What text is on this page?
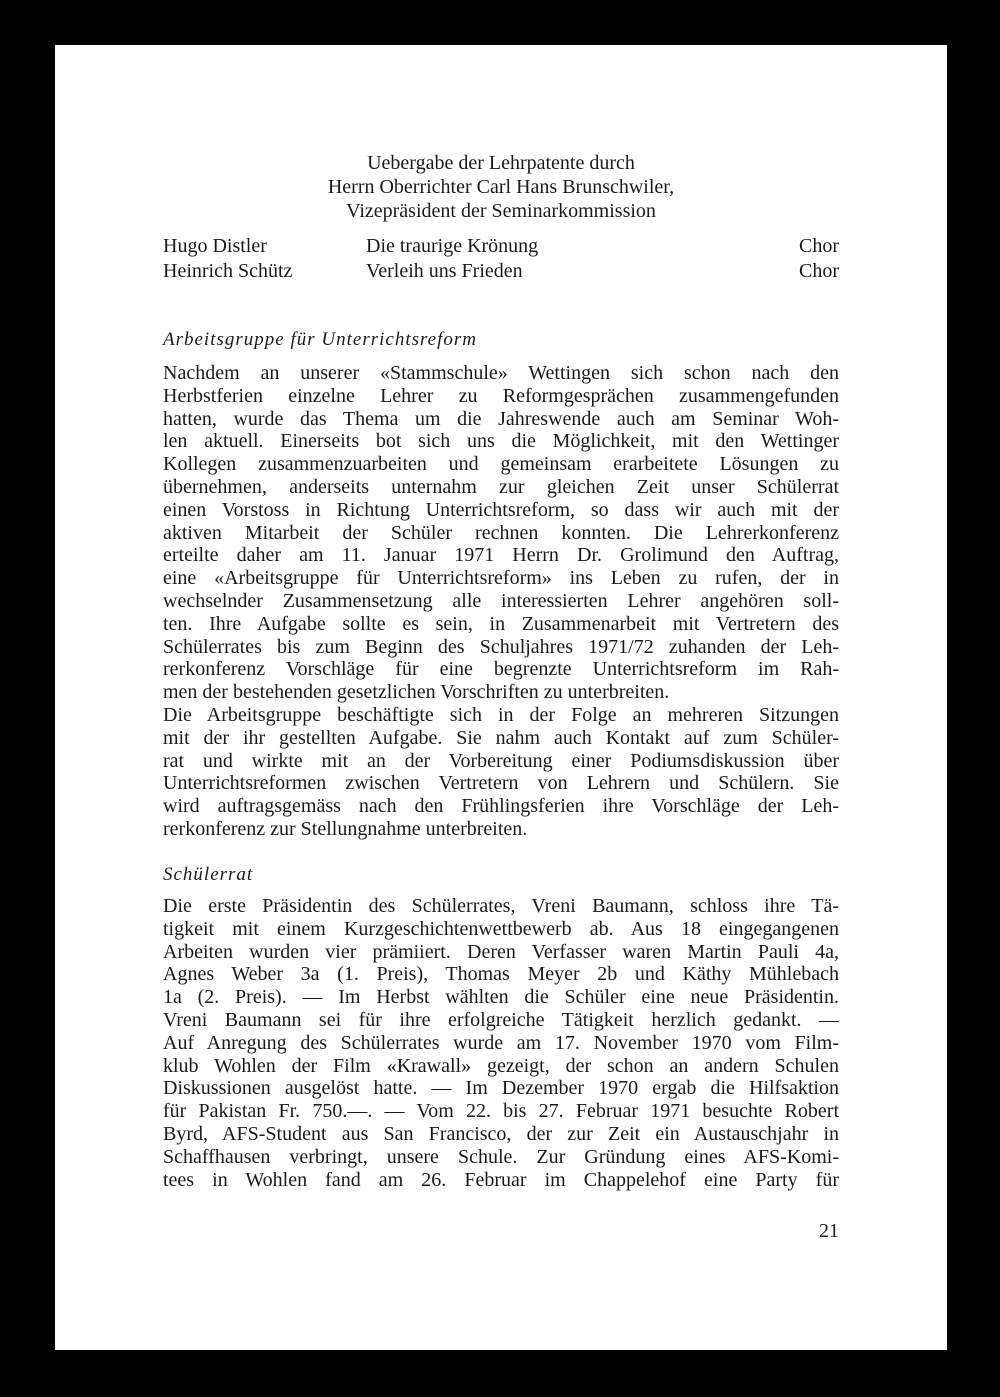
Uebergabe der Lehrpatente durch
Herrn Oberrichter Carl Hans Brunschwiler,
Vizepräsident der Seminarkommission
Hugo Distler	Die traurige Krönung	Chor
Heinrich Schütz	Verleih uns Frieden	Chor
Arbeitsgruppe für Unterrichtsreform
Nachdem an unserer «Stammschule» Wettingen sich schon nach den
Herbstferien einzelne Lehrer zu Reformgesprächen zusammengefunden
hatten, wurde das Thema um die Jahreswende auch am Seminar Woh-
len aktuell. Einerseits bot sich uns die Möglichkeit, mit den Wettinger
Kollegen zusammenzuarbeiten und gemeinsam erarbeitete Lösungen zu
übernehmen, anderseits unternahm zur gleichen Zeit unser Schülerrat
einen Vorstoss in Richtung Unterrichtsreform, so dass wir auch mit der
aktiven Mitarbeit der Schüler rechnen konnten. Die Lehrerkonferenz
erteilte daher am 11. Januar 1971 Herrn Dr. Grolimund den Auftrag,
eine «Arbeitsgruppe für Unterrichtsreform» ins Leben zu rufen, der in
wechselnder Zusammensetzung alle interessierten Lehrer angehören soll-
ten. Ihre Aufgabe sollte es sein, in Zusammenarbeit mit Vertretern des
Schülerrates bis zum Beginn des Schuljahres 1971/72 zuhanden der Leh-
rerkonferenz Vorschläge für eine begrenzte Unterrichtsreform im Rah-
men der bestehenden gesetzlichen Vorschriften zu unterbreiten.
Die Arbeitsgruppe beschäftigte sich in der Folge an mehreren Sitzungen
mit der ihr gestellten Aufgabe. Sie nahm auch Kontakt auf zum Schüler-
rat und wirkte mit an der Vorbereitung einer Podiumsdiskussion über
Unterrichtsreformen zwischen Vertretern von Lehrern und Schülern. Sie
wird auftragsgemäss nach den Frühlingsferien ihre Vorschläge der Leh-
rerkonferenz zur Stellungnahme unterbreiten.
Schülerrat
Die erste Präsidentin des Schülerrates, Vreni Baumann, schloss ihre Tä-
tigkeit mit einem Kurzgeschichtenwettbewerb ab. Aus 18 eingegangenen
Arbeiten wurden vier prämiiert. Deren Verfasser waren Martin Pauli 4a,
Agnes Weber 3a (1. Preis), Thomas Meyer 2b und Käthy Mühlebach
1a (2. Preis). — Im Herbst wählten die Schüler eine neue Präsidentin.
Vreni Baumann sei für ihre erfolgreiche Tätigkeit herzlich gedankt. —
Auf Anregung des Schülerrates wurde am 17. November 1970 vom Film-
klub Wohlen der Film «Krawall» gezeigt, der schon an andern Schulen
Diskussionen ausgelöst hatte. — Im Dezember 1970 ergab die Hilfsaktion
für Pakistan Fr. 750.—. — Vom 22. bis 27. Februar 1971 besuchte Robert
Byrd, AFS-Student aus San Francisco, der zur Zeit ein Austauschjahr in
Schaffhausen verbringt, unsere Schule. Zur Gründung eines AFS-Komi-
tees in Wohlen fand am 26. Februar im Chappelehof eine Party für
21
